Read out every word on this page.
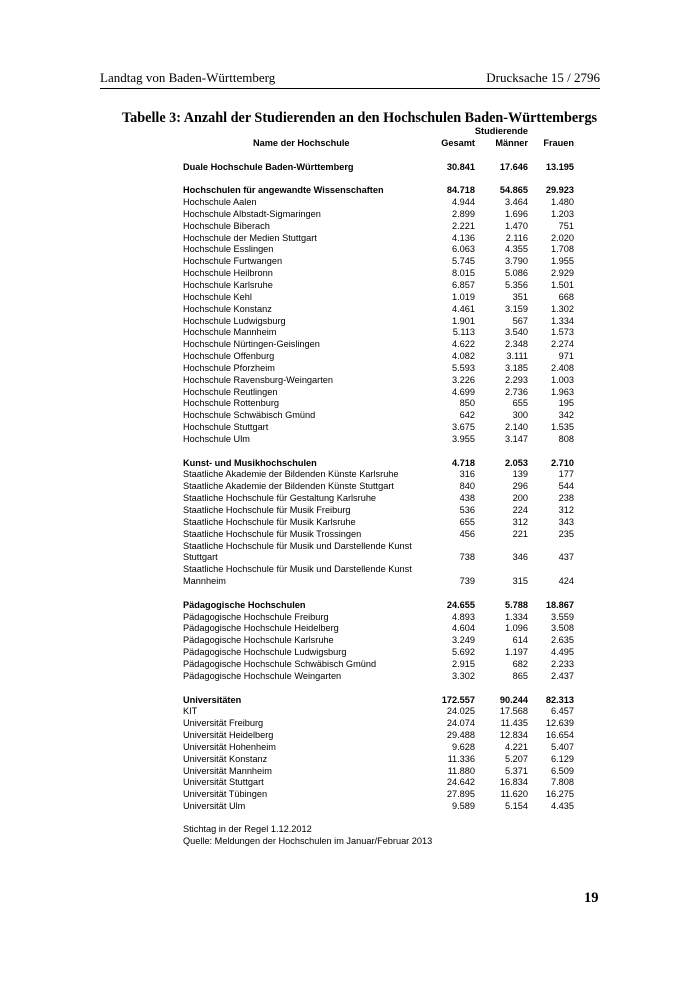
Landtag von Baden-Württemberg	Drucksache 15 / 2796
Tabelle 3: Anzahl der Studierenden an den Hochschulen Baden-Württembergs
Studierende
Name der Hochschule	Gesamt Männer Frauen
Duale Hochschule Baden-Württemberg	30.841	17.646 13.195
Hochschulen für angewandte Wissenschaften	84.718	54.865 29.923
Hochschule Aalen	4.944	3.464	1.480
Hochschule Albstadt-Sigmaringen	2.899	1.696	1.203
Hochschule Biberach	2.221	1.470	751
Hochschule der Medien Stuttgart	4.136	2.116	2.020
Hochschule Esslingen	6.063	4.355	1.708
Hochschule Furtwangen	5.745	3.790	1.955
Hochschule Heilbronn	8.015	5.086	2.929
Hochschule Karlsruhe	6.857	5.356	1.501
Hochschule Kehl	1.019	351	668
Hochschule Konstanz	4.461	3.159	1.302
Hochschule Ludwigsburg	1.901	567	1.334
Hochschule Mannheim	5.113	3.540	1.573
Hochschule Nürtingen-Geislingen	4.622	2.348	2.274
Hochschule Offenburg	4.082	3.111	971
Hochschule Pforzheim	5.593	3.185	2.408
Hochschule Ravensburg-Weingarten	3.226	2.293	1.003
Hochschule Reutlingen	4.699	2.736	1.963
Hochschule Rottenburg	850	655	195
Hochschule Schwäbisch Gmünd	642	300	342
Hochschule Stuttgart	3.675	2.140	1.535
Hochschule Ulm	3.955	3.147	808
Kunst- und Musikhochschulen	4.718	2.053	2.710
Staatliche Akademie der Bildenden Künste Karlsruhe	316	139	177
Staatliche Akademie der Bildenden Künste Stuttgart	840	296	544
Staatliche Hochschule für Gestaltung Karlsruhe	438	200	238
Staatliche Hochschule für Musik Freiburg	536	224	312
Staatliche Hochschule für Musik Karlsruhe	655	312	343
Staatliche Hochschule für Musik Trossingen	456	221	235
Staatliche Hochschule für Musik und Darstellende Kunst
Stuttgart	738	346	437
Staatliche Hochschule für Musik und Darstellende Kunst
Mannheim	739	315	424
Pädagogische Hochschulen	24.655	5.788 18.867
Pädagogische Hochschule Freiburg	4.893	1.334	3.559
Pädagogische Hochschule Heidelberg	4.604	1.096	3.508
Pädagogische Hochschule Karlsruhe	3.249	614	2.635
Pädagogische Hochschule Ludwigsburg	5.692	1.197	4.495
Pädagogische Hochschule Schwäbisch Gmünd	2.915	682	2.233
Pädagogische Hochschule Weingarten	3.302	865	2.437
Universitäten	172.557	90.244 82.313
KIT	24.025	17.568	6.457
Universität Freiburg	24.074	11.435 12.639
Universität Heidelberg	29.488	12.834 16.654
Universität Hohenheim	9.628	4.221	5.407
Universität Konstanz	11.336	5.207	6.129
Universität Mannheim	11.880	5.371	6.509
Universität Stuttgart	24.642	16.834	7.808
Universität Tübingen	27.895	11.620 16.275
Universität Ulm	9.589	5.154	4.435
Stichtag in der Regel 1.12.2012
Quelle: Meldungen der Hochschulen im Januar/Februar 2013
19
